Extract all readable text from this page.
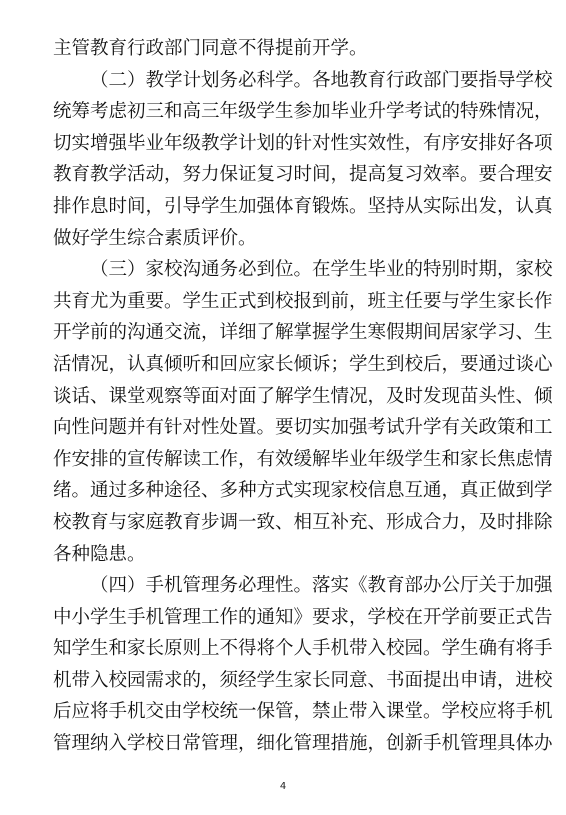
主管教育行政部门同意不得提前开学。
（二）教学计划务必科学。各地教育行政部门要指导学校
统筹考虑初三和高三年级学生参加毕业升学考试的特殊情况，
切实增强毕业年级教学计划的针对性实效性，有序安排好各项
教育教学活动，努力保证复习时间，提高复习效率。要合理安
排作息时间，引导学生加强体育锻炼。坚持从实际出发，认真
做好学生综合素质评价。
（三）家校沟通务必到位。在学生毕业的特别时期，家校
共育尤为重要。学生正式到校报到前，班主任要与学生家长作
开学前的沟通交流，详细了解掌握学生寒假期间居家学习、生
活情况，认真倾听和回应家长倾诉；学生到校后，要通过谈心
谈话、课堂观察等面对面了解学生情况，及时发现苗头性、倾
向性问题并有针对性处置。要切实加强考试升学有关政策和工
作安排的宣传解读工作，有效缓解毕业年级学生和家长焦虑情
绪。通过多种途径、多种方式实现家校信息互通，真正做到学
校教育与家庭教育步调一致、相互补充、形成合力，及时排除
各种隐患。
（四）手机管理务必理性。落实《教育部办公厅关于加强
中小学生手机管理工作的通知》要求，学校在开学前要正式告
知学生和家长原则上不得将个人手机带入校园。学生确有将手
机带入校园需求的，须经学生家长同意、书面提出申请，进校
后应将手机交由学校统一保管，禁止带入课堂。学校应将手机
管理纳入学校日常管理，细化管理措施，创新手机管理具体办
4
